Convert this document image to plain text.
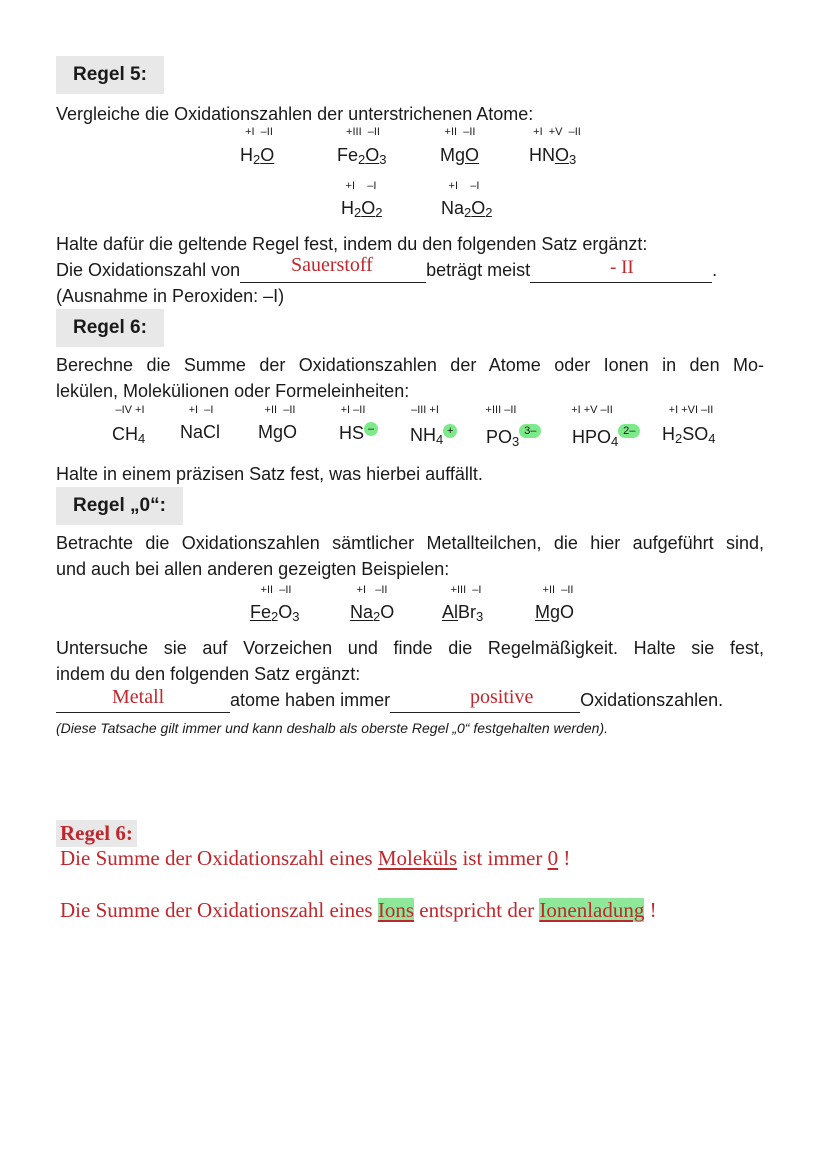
Regel 5:
Vergleiche die Oxidationszahlen der unterstrichenen Atome:
+I  –II
$H_2O$
+III  –II
$Fe_2O_3$
+II  –II
MgO
+I  +V  –II
$HNO_3$
+I    –I
$H_2O_2$
+I    –I
$Na_2O_2$
Halte dafür die geltende Regel fest, indem du den folgenden Satz ergänzt:
Die Oxidationszahl von	beträgt meist	.
Sauerstoff	- II
(Ausnahme in Peroxiden: –I)
Regel 6:
Berechne die Summe der Oxidationszahlen der Atome oder Ionen in den Mo-
lekülen, Molekülionen oder Formeleinheiten:
–IV +I
$CH_4$
+I  –I
NaCl
+II  –II
MgO
+I –II
HS –
–III +I
$NH_4+$
+III –II
$PO_33-$
+I +V –II
$HPO_42-$
+I +VI –II
$H_2SO_4$
Halte in einem präzisen Satz fest, was hierbei auffällt.
Regel „0“:
Betrachte die Oxidationszahlen sämtlicher Metallteilchen, die hier aufgeführt sind,
und auch bei allen anderen gezeigten Beispielen:
+II  –II
$Fe_2O_3$
+I   –II
$Na_2O$
+III  –I
AlBr$_3$
+II  –II
MgO
Untersuche sie auf Vorzeichen und finde die Regelmäßigkeit. Halte sie fest,
indem du den folgenden Satz ergänzt:
atome haben immer	Oxidationszahlen.
Metall	positive
(Diese Tatsache gilt immer und kann deshalb als oberste Regel „0“ festgehalten werden).
Regel 6:
Die Summe der Oxidationszahl eines Moleküls ist immer 0 !
Die Summe der Oxidationszahl eines Ions entspricht der Ionenladung !
